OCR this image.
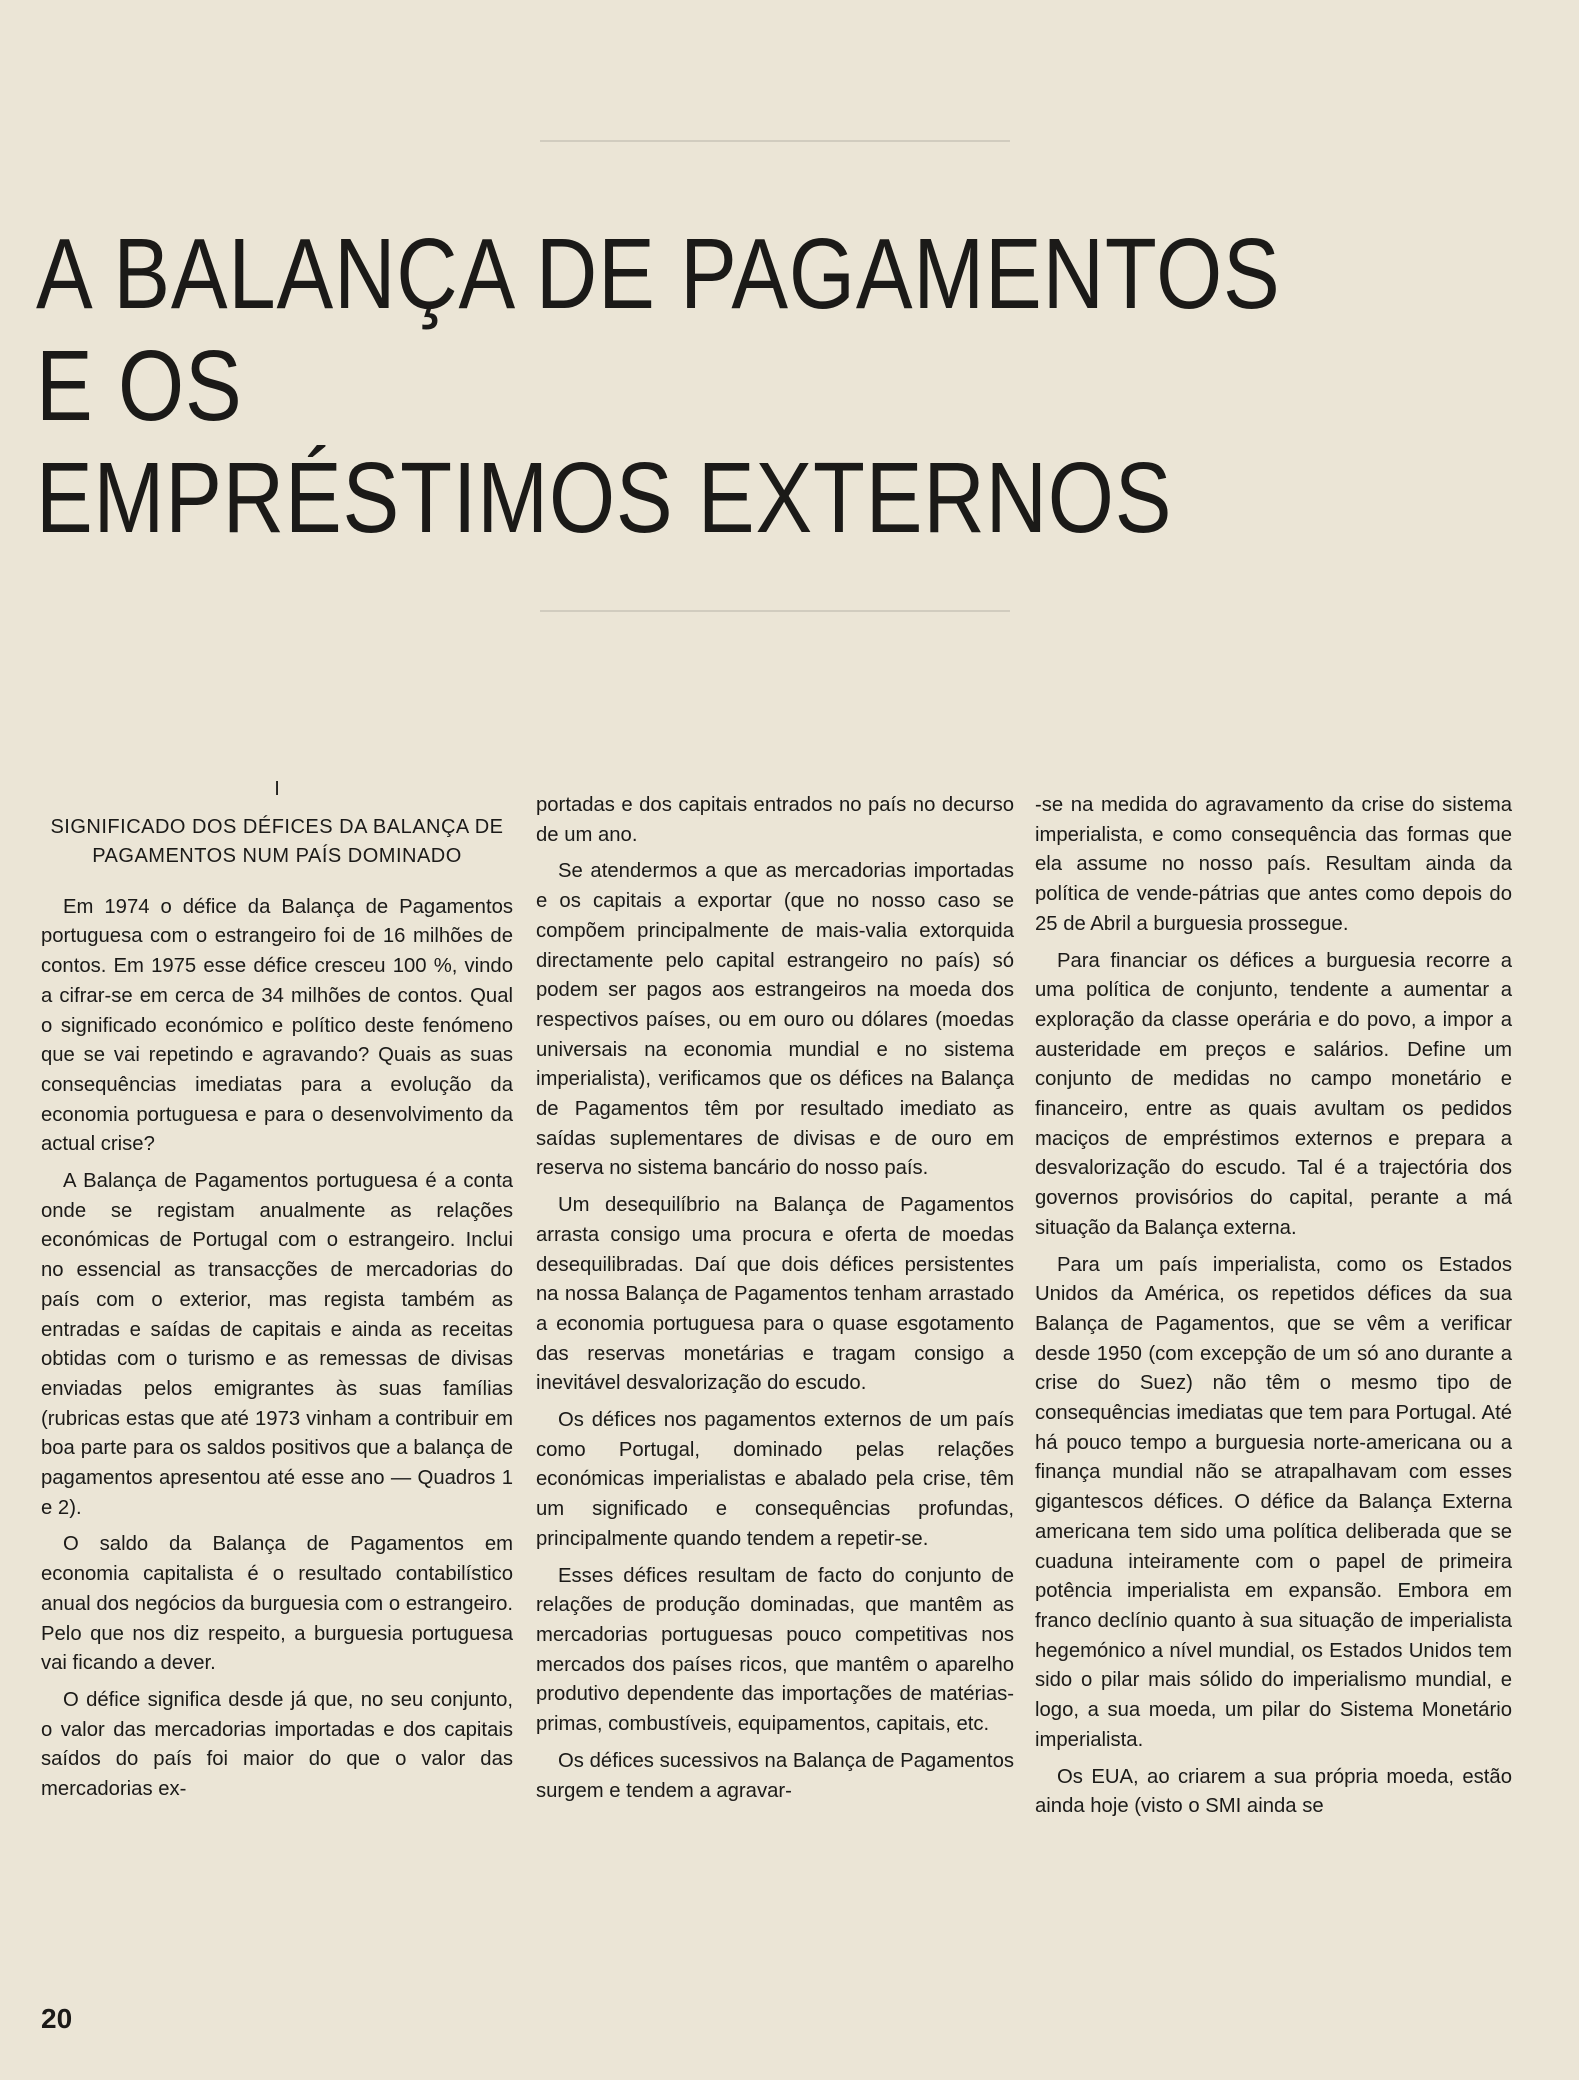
A BALANÇA DE PAGAMENTOS
E OS
EMPRÉSTIMOS EXTERNOS
I
SIGNIFICADO DOS DÉFICES DA BALANÇA DE PAGAMENTOS NUM PAÍS DOMINADO

Em 1974 o défice da Balança de Pagamentos portuguesa com o estrangeiro foi de 16 milhões de contos. Em 1975 esse défice cresceu 100 %, vindo a cifrar-se em cerca de 34 milhões de contos. Qual o significado económico e político deste fenómeno que se vai repetindo e agravando? Quais as suas consequências imediatas para a evolução da economia portuguesa e para o desenvolvimento da actual crise?

A Balança de Pagamentos portuguesa é a conta onde se registam anualmente as relações económicas de Portugal com o estrangeiro. Inclui no essencial as transacções de mercadorias do país com o exterior, mas regista também as entradas e saídas de capitais e ainda as receitas obtidas com o turismo e as remessas de divisas enviadas pelos emigrantes às suas famílias (rubricas estas que até 1973 vinham a contribuir em boa parte para os saldos positivos que a balança de pagamentos apresentou até esse ano — Quadros 1 e 2).

O saldo da Balança de Pagamentos em economia capitalista é o resultado contabilístico anual dos negócios da burguesia com o estrangeiro. Pelo que nos diz respeito, a burguesia portuguesa vai ficando a dever.

O défice significa desde já que, no seu conjunto, o valor das mercadorias importadas e dos capitais saídos do país foi maior do que o valor das mercadorias ex-

portadas e dos capitais entrados no país no decurso de um ano.

Se atendermos a que as mercadorias importadas e os capitais a exportar (que no nosso caso se compõem principalmente de mais-valia extorquida directamente pelo capital estrangeiro no país) só podem ser pagos aos estrangeiros na moeda dos respectivos países, ou em ouro ou dólares (moedas universais na economia mundial e no sistema imperialista), verificamos que os défices na Balança de Pagamentos têm por resultado imediato as saídas suplementares de divisas e de ouro em reserva no sistema bancário do nosso país.

Um desequilíbrio na Balança de Pagamentos arrasta consigo uma procura e oferta de moedas desequilibradas. Daí que dois défices persistentes na nossa Balança de Pagamentos tenham arrastado a economia portuguesa para o quase esgotamento das reservas monetárias e tragam consigo a inevitável desvalorização do escudo.

Os défices nos pagamentos externos de um país como Portugal, dominado pelas relações económicas imperialistas e abalado pela crise, têm um significado e consequências profundas, principalmente quando tendem a repetir-se.

Esses défices resultam de facto do conjunto de relações de produção dominadas, que mantêm as mercadorias portuguesas pouco competitivas nos mercados dos países ricos, que mantêm o aparelho produtivo dependente das importações de matérias-primas, combustíveis, equipamentos, capitais, etc.

Os défices sucessivos na Balança de Pagamentos surgem e tendem a agravar-

-se na medida do agravamento da crise do sistema imperialista, e como consequência das formas que ela assume no nosso país. Resultam ainda da política de vende-pátrias que antes como depois do 25 de Abril a burguesia prossegue.

Para financiar os défices a burguesia recorre a uma política de conjunto, tendente a aumentar a exploração da classe operária e do povo, a impor a austeridade em preços e salários. Define um conjunto de medidas no campo monetário e financeiro, entre as quais avultam os pedidos maciços de empréstimos externos e prepara a desvalorização do escudo. Tal é a trajectória dos governos provisórios do capital, perante a má situação da Balança externa.

Para um país imperialista, como os Estados Unidos da América, os repetidos défices da sua Balança de Pagamentos, que se vêm a verificar desde 1950 (com excepção de um só ano durante a crise do Suez) não têm o mesmo tipo de consequências imediatas que tem para Portugal. Até há pouco tempo a burguesia norte-americana ou a finança mundial não se atrapalhavam com esses gigantescos défices. O défice da Balança Externa americana tem sido uma política deliberada que se cuaduna inteiramente com o papel de primeira potência imperialista em expansão. Embora em franco declínio quanto à sua situação de imperialista hegemónico a nível mundial, os Estados Unidos tem sido o pilar mais sólido do imperialismo mundial, e logo, a sua moeda, um pilar do Sistema Monetário imperialista.

Os EUA, ao criarem a sua própria moeda, estão ainda hoje (visto o SMI ainda se

20
